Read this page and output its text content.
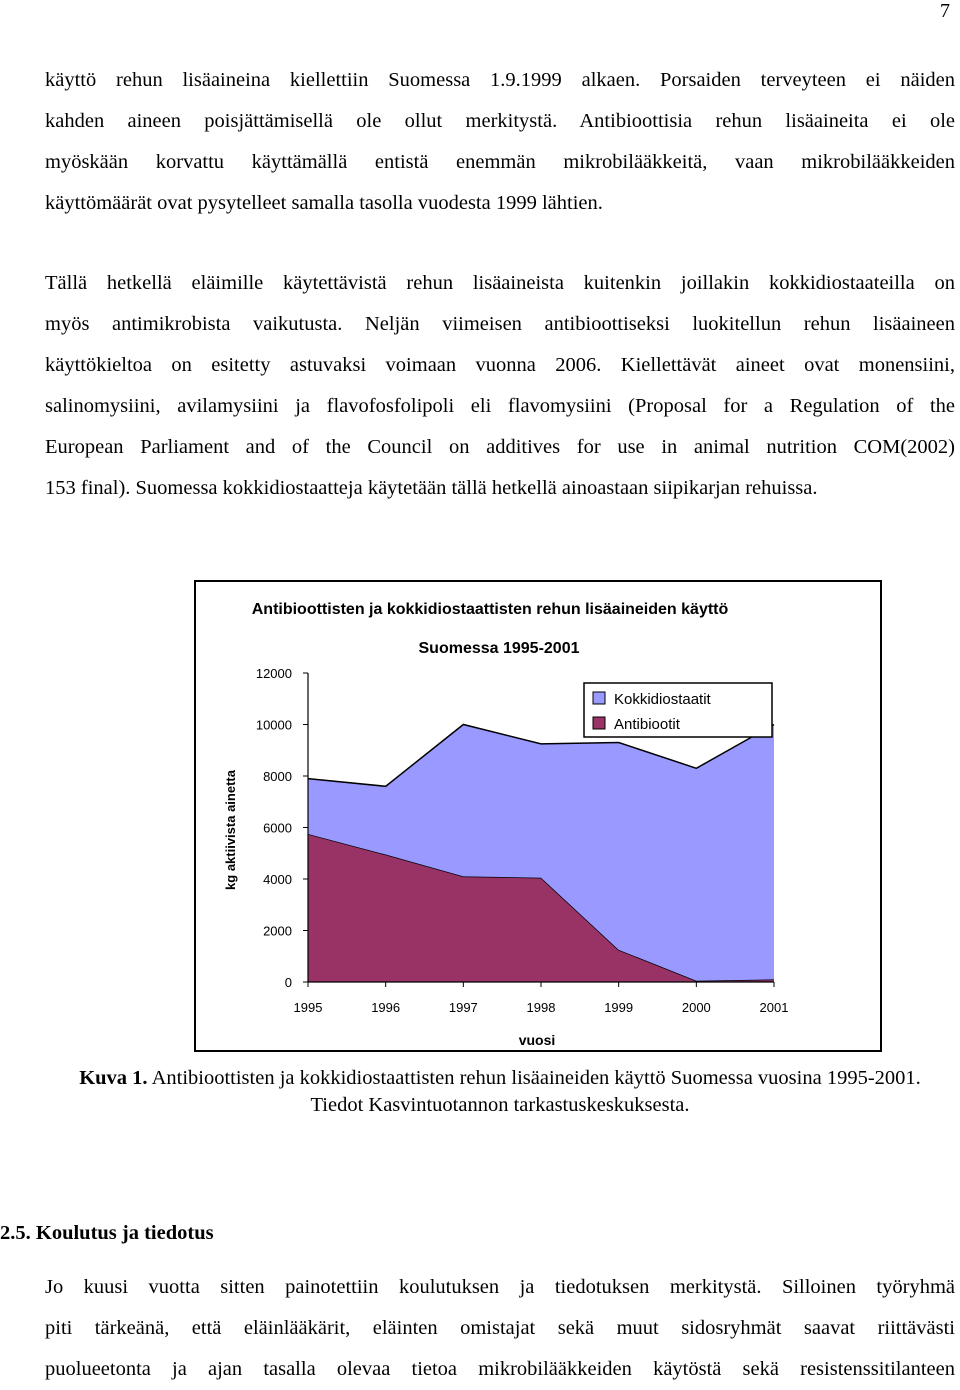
7
käyttö rehun lisäaineina kiellettiin Suomessa 1.9.1999 alkaen. Porsaiden terveyteen ei näiden
kahden aineen poisjättämisellä ole ollut merkitystä. Antibioottisia rehun lisäaineita ei ole
myöskään korvattu käyttämällä entistä enemmän mikrobilääkkeitä, vaan mikrobilääkkeiden

käyttömäärät ovat pysytelleet samalla tasolla vuodesta 1999 lähtien.
Tällä hetkellä eläimille käytettävistä rehun lisäaineista kuitenkin joillakin kokkidiostaateilla on
myös antimikrobista vaikutusta. Neljän viimeisen antibioottiseksi luokitellun rehun lisäaineen
käyttökieltoa on esitetty astuvaksi voimaan vuonna 2006. Kiellettävät aineet ovat monensiini,
salinomysiini, avilamysiini ja flavofosfolipoli eli flavomysiini (Proposal for a Regulation of the
European Parliament and of the Council on additives for use in animal nutrition COM(2002)

153 final). Suomessa kokkidiostaatteja käytetään tällä hetkellä ainoastaan siipikarjan rehuissa.
Antibioottisten ja kokkidiostaattisten rehun lisäaineiden käyttö
Suomessa 1995-2001
kg aktiivista ainetta
vuosi
0
2000
4000
6000
8000
10000
12000
1995	1996	1997	1998	1999	2000	2001
Kokkidiostaatit
Antibiootit

Kuva 1. Antibioottisten ja kokkidiostaattisten rehun lisäaineiden käyttö Suomessa vuosina 1995-2001. Tiedot Kasvintuotannon tarkastuskeskuksesta.

2.5. Koulutus ja tiedotus
Jo kuusi vuotta sitten painotettiin koulutuksen ja tiedotuksen merkitystä. Silloinen työryhmä
piti tärkeänä, että eläinlääkärit, eläinten omistajat sekä muut sidosryhmät saavat riittävästi
puolueetonta ja ajan tasalla olevaa tietoa mikrobilääkkeiden käytöstä sekä resistenssitilanteen
